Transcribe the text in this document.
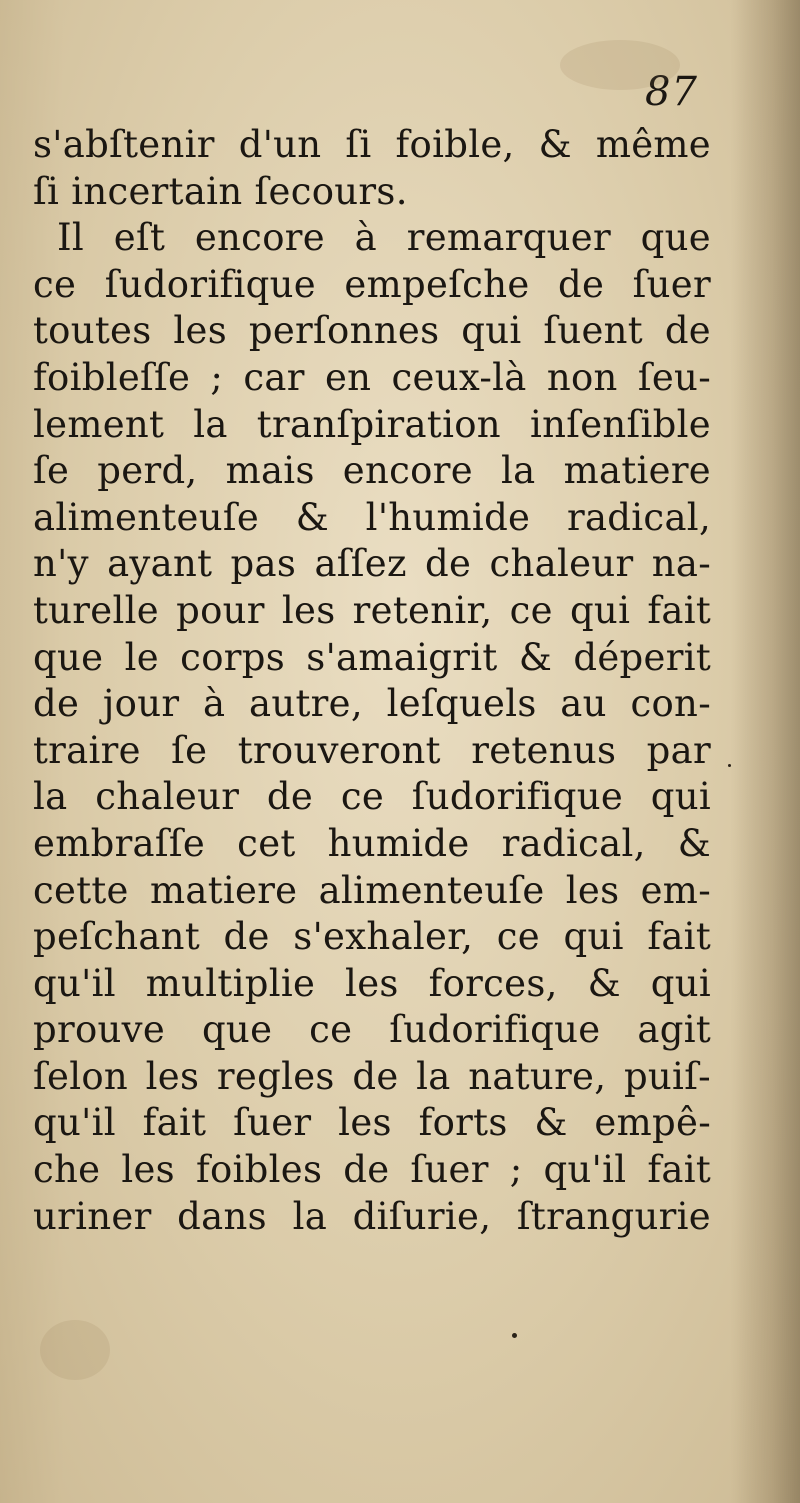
87
s'abſtenir d'un ſi foible, & même
ſi incertain ſecours.
Il eſt encore à remarquer que
ce ſudorifique empeſche de ſuer
toutes les perſonnes qui ſuent de
foibleſſe ; car en ceux-là non ſeu-
lement la tranſpiration inſenſible
ſe perd, mais encore la matiere
alimenteuſe & l'humide radical,
n'y ayant pas aſſez de chaleur na-
turelle pour les retenir, ce qui fait
que le corps s'amaigrit & déperit
de jour à autre, leſquels au con-
traire ſe trouveront retenus par
la chaleur de ce ſudorifique qui
embraſſe cet humide radical, &
cette matiere alimenteuſe les em-
peſchant de s'exhaler, ce qui fait
qu'il multiplie les forces, & qui
prouve que ce ſudorifique agit
ſelon les regles de la nature, puiſ-
qu'il fait ſuer les forts & empê-
che les foibles de ſuer ; qu'il fait
uriner dans la diſurie, ſtrangurie
